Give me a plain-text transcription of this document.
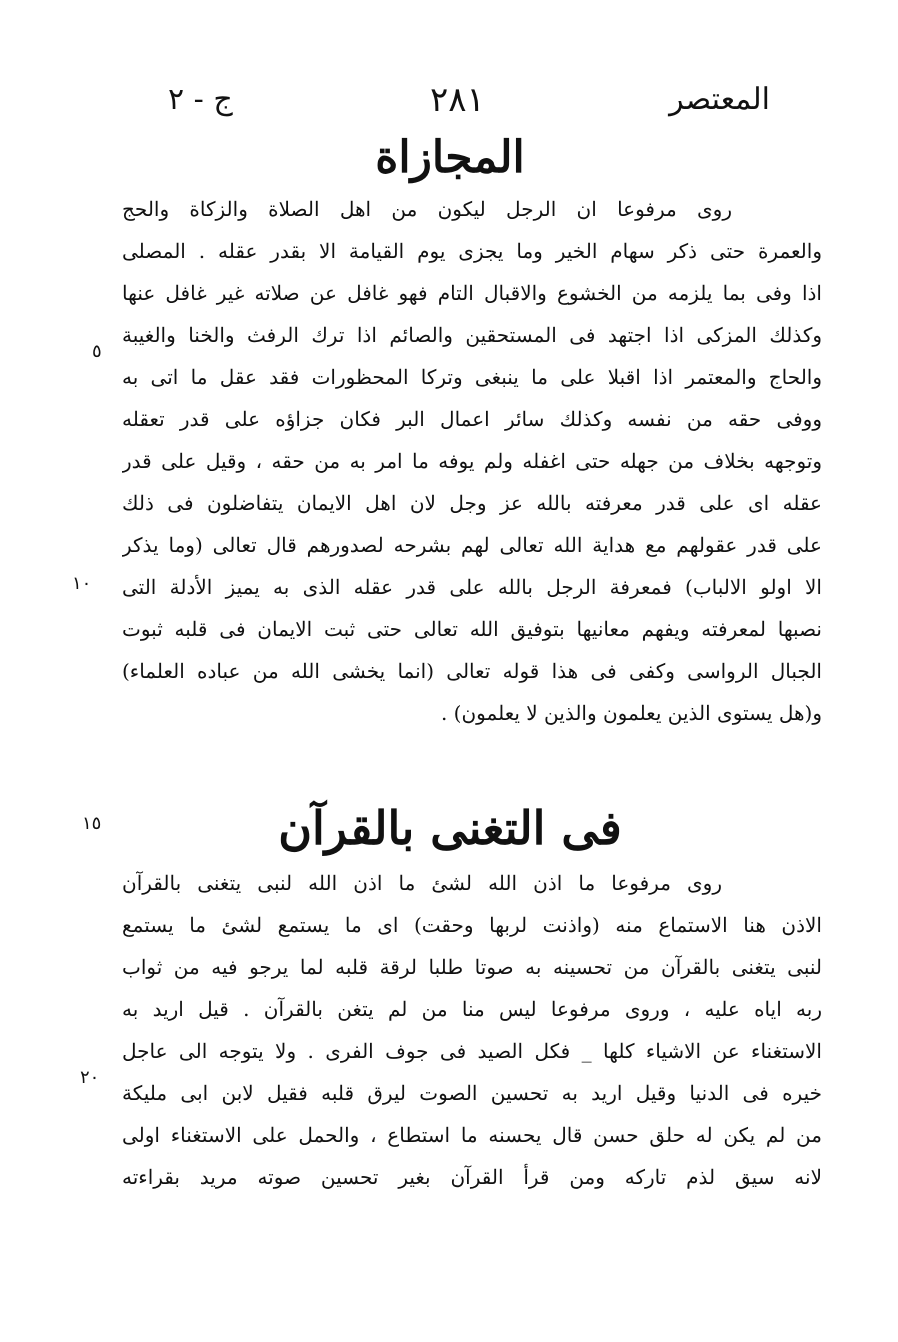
ج - ٢	٢٨١	المعتصر
المجازاة
روى مرفوعا ان الرجل ليكون من اهل الصلاة والزكاة والحج
والعمرة حتى ذكر سهام الخير وما يجزى يوم القيامة الا بقدر عقله . المصلى
اذا وفى بما يلزمه من الخشوع والاقبال التام فهو غافل عن صلاته غير غافل عنها
وكذلك المزكى اذا اجتهد فى المستحقين والصائم اذا ترك الرفث والخنا والغيبة
والحاج والمعتمر اذا اقبلا على ما ينبغى وتركا المحظورات فقد عقل ما اتى به
ووفى حقه من نفسه وكذلك سائر اعمال البر فكان جزاؤه على قدر تعقله
وتوجهه بخلاف من جهله حتى اغفله ولم يوفه ما امر به من حقه ، وقيل على قدر
عقله اى على قدر معرفته بالله عز وجل لان اهل الايمان يتفاضلون فى ذلك
على قدر عقولهم مع هداية الله تعالى لهم بشرحه لصدورهم قال تعالى (وما يذكر
الا اولو الالباب) فمعرفة الرجل بالله على قدر عقله الذى به يميز الأدلة التى
نصبها لمعرفته ويفهم معانيها بتوفيق الله تعالى حتى ثبت الايمان فى قلبه ثبوت
الجبال الرواسى وكفى فى هذا قوله تعالى (انما يخشى الله من عباده العلماء)
و(هل يستوى الذين يعلمون والذين لا يعلمون) .
فى التغنى بالقرآن
روى مرفوعا ما اذن الله لشئ ما اذن الله لنبى يتغنى بالقرآن
الاذن هنا الاستماع منه (واذنت لربها وحقت) اى ما يستمع لشئ ما يستمع
لنبى يتغنى بالقرآن من تحسينه به صوتا طلبا لرقة قلبه لما يرجو فيه من ثواب
ربه اياه عليه ، وروى مرفوعا ليس منا من لم يتغن بالقرآن . قيل اريد به
الاستغناء عن الاشياء كلها _ فكل الصيد فى جوف الفرى . ولا يتوجه الى عاجل
خيره فى الدنيا وقيل اريد به تحسين الصوت ليرق قلبه فقيل لابن ابى مليكة
من لم يكن له حلق حسن قال يحسنه ما استطاع ، والحمل على الاستغناء اولى
لانه سيق لذم تاركه ومن قرأ القرآن بغير تحسين صوته مريد بقراءته
٥
١٠
١٥
٢٠
